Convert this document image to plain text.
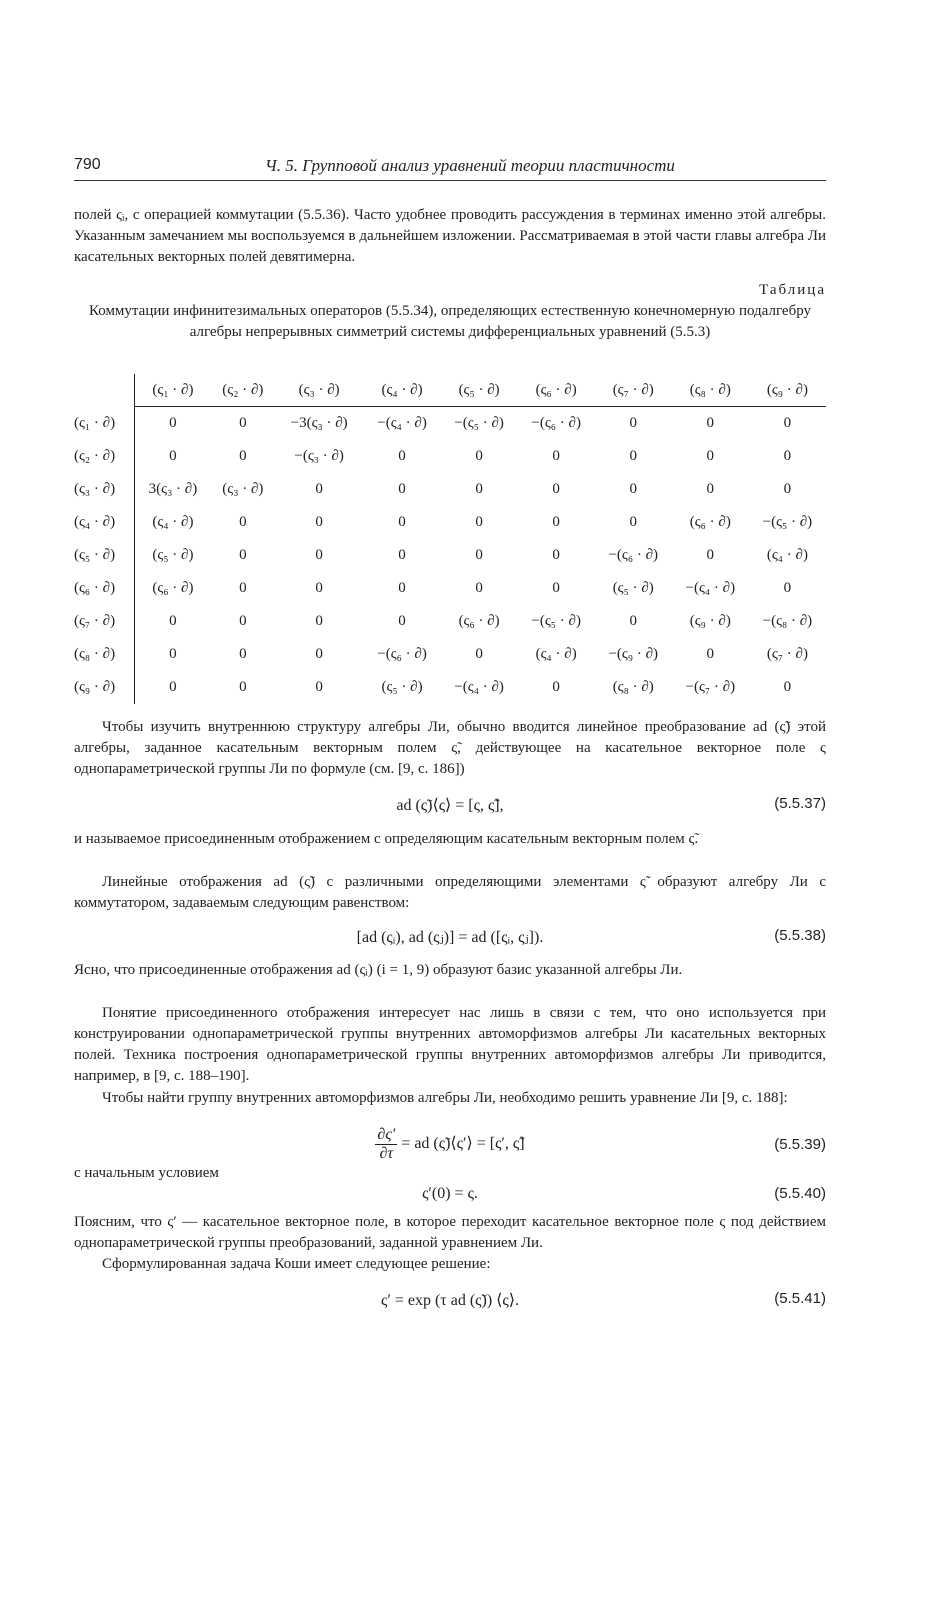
790	Ч. 5. Групповой анализ уравнений теории пластичности
полей ςᵢ, с операцией коммутации (5.5.36). Часто удобнее проводить рассуждения в терминах именно этой алгебры. Указанным замечанием мы воспользуемся в дальнейшем изложении. Рассматриваемая в этой части главы алгебра Ли касательных векторных полей девятимерна.
Таблица
Коммутации инфинитезимальных операторов (5.5.34), определяющих естественную конечномерную подалгебру алгебры непрерывных симметрий системы дифференциальных уравнений (5.5.3)
	(ς₁ · ∂)	(ς₂ · ∂)	(ς₃ · ∂)	(ς₄ · ∂)	(ς₅ · ∂)	(ς₆ · ∂)	(ς₇ · ∂)	(ς₈ · ∂)	(ς₉ · ∂)
(ς₁ · ∂)	0	0	−3(ς₃ · ∂)	−(ς₄ · ∂)	−(ς₅ · ∂)	−(ς₆ · ∂)	0	0	0
(ς₂ · ∂)	0	0	−(ς₃ · ∂)	0	0	0	0	0	0
(ς₃ · ∂)	3(ς₃ · ∂)	(ς₃ · ∂)	0	0	0	0	0	0	0
(ς₄ · ∂)	(ς₄ · ∂)	0	0	0	0	0	0	(ς₆ · ∂)	−(ς₅ · ∂)
(ς₅ · ∂)	(ς₅ · ∂)	0	0	0	0	0	−(ς₆ · ∂)	0	(ς₄ · ∂)
(ς₆ · ∂)	(ς₆ · ∂)	0	0	0	0	0	(ς₅ · ∂)	−(ς₄ · ∂)	0
(ς₇ · ∂)	0	0	0	0	(ς₆ · ∂)	−(ς₅ · ∂)	0	(ς₉ · ∂)	−(ς₈ · ∂)
(ς₈ · ∂)	0	0	0	−(ς₆ · ∂)	0	(ς₄ · ∂)	−(ς₉ · ∂)	0	(ς₇ · ∂)
(ς₉ · ∂)	0	0	0	(ς₅ · ∂)	−(ς₄ · ∂)	0	(ς₈ · ∂)	−(ς₇ · ∂)	0
Чтобы изучить внутреннюю структуру алгебры Ли, обычно вводится линейное преобразование ad (ς̃) этой алгебры, заданное касательным векторным полем ς̃, действующее на касательное векторное поле ς однопараметрической группы Ли по формуле (см. [9, с. 186])
ad (ς̃)⟨ς⟩ = [ς, ς̃],	(5.5.37)
и называемое присоединенным отображением с определяющим касательным векторным полем ς̃.
Линейные отображения ad (ς̃) с различными определяющими элементами ς̃ образуют алгебру Ли с коммутатором, задаваемым следующим равенством:
[ad (ςᵢ), ad (ςⱼ)] = ad ([ςᵢ, ςⱼ]).	(5.5.38)
Ясно, что присоединенные отображения ad (ςᵢ) (i = 1, 9) образуют базис указанной алгебры Ли.
Понятие присоединенного отображения интересует нас лишь в связи с тем, что оно используется при конструировании однопараметрической группы внутренних автоморфизмов алгебры Ли касательных векторных полей. Техника построения однопараметрической группы внутренних автоморфизмов алгебры Ли приводится, например, в [9, с. 188–190].
Чтобы найти группу внутренних автоморфизмов алгебры Ли, необходимо решить уравнение Ли [9, с. 188]:
$\frac{\partial\varsigma'}{\partial\tau}$ = ad (ς̃)⟨ς′⟩ = [ς′, ς̃]	(5.5.39)
с начальным условием
ς′(0) = ς.	(5.5.40)
Поясним, что ς′ — касательное векторное поле, в которое переходит касательное векторное поле ς под действием однопараметрической группы преобразований, заданной уравнением Ли.
Сформулированная задача Коши имеет следующее решение:
ς′ = exp (τ ad (ς̃)) ⟨ς⟩.	(5.5.41)
